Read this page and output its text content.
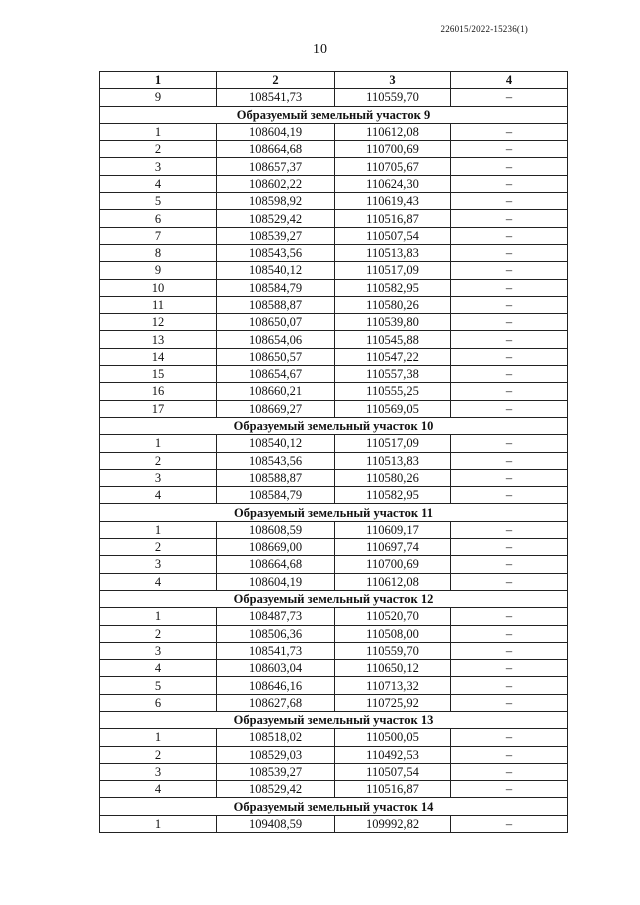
226015/2022-15236(1)
10
1	2	3	4
9	108541,73	110559,70	–
Образуемый земельный участок 9			
1	108604,19	110612,08	–
2	108664,68	110700,69	–
3	108657,37	110705,67	–
4	108602,22	110624,30	–
5	108598,92	110619,43	–
6	108529,42	110516,87	–
7	108539,27	110507,54	–
8	108543,56	110513,83	–
9	108540,12	110517,09	–
10	108584,79	110582,95	–
11	108588,87	110580,26	–
12	108650,07	110539,80	–
13	108654,06	110545,88	–
14	108650,57	110547,22	–
15	108654,67	110557,38	–
16	108660,21	110555,25	–
17	108669,27	110569,05	–
Образуемый земельный участок 10			
1	108540,12	110517,09	–
2	108543,56	110513,83	–
3	108588,87	110580,26	–
4	108584,79	110582,95	–
Образуемый земельный участок 11			
1	108608,59	110609,17	–
2	108669,00	110697,74	–
3	108664,68	110700,69	–
4	108604,19	110612,08	–
Образуемый земельный участок 12			
1	108487,73	110520,70	–
2	108506,36	110508,00	–
3	108541,73	110559,70	–
4	108603,04	110650,12	–
5	108646,16	110713,32	–
6	108627,68	110725,92	–
Образуемый земельный участок 13			
1	108518,02	110500,05	–
2	108529,03	110492,53	–
3	108539,27	110507,54	–
4	108529,42	110516,87	–
Образуемый земельный участок 14			
1	109408,59	109992,82	–
